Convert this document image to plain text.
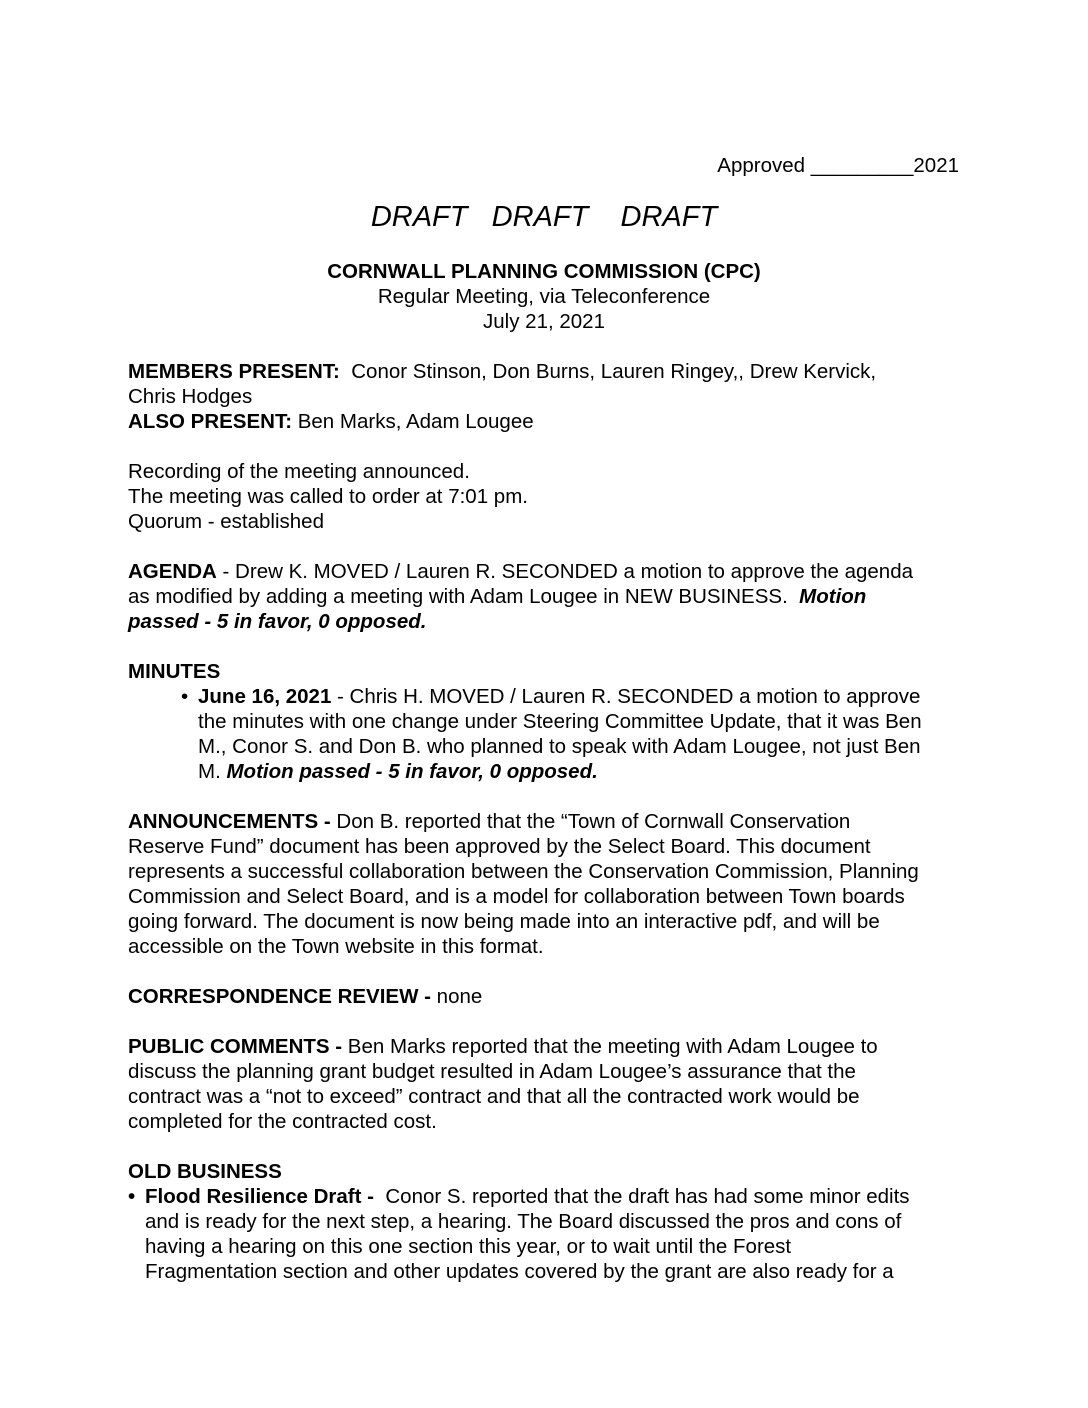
Approved _________2021
DRAFT   DRAFT    DRAFT
CORNWALL PLANNING COMMISSION (CPC)
Regular Meeting, via Teleconference
July 21, 2021

MEMBERS PRESENT:  Conor Stinson, Don Burns, Lauren Ringey,, Drew Kervick,
Chris Hodges
ALSO PRESENT: Ben Marks, Adam Lougee

Recording of the meeting announced.
The meeting was called to order at 7:01 pm.
Quorum - established

AGENDA - Drew K. MOVED / Lauren R. SECONDED a motion to approve the agenda
as modified by adding a meeting with Adam Lougee in NEW BUSINESS.  Motion
passed - 5 in favor, 0 opposed.

MINUTES
• June 16, 2021 - Chris H. MOVED / Lauren R. SECONDED a motion to approve
the minutes with one change under Steering Committee Update, that it was Ben
M., Conor S. and Don B. who planned to speak with Adam Lougee, not just Ben
M. Motion passed - 5 in favor, 0 opposed.

ANNOUNCEMENTS - Don B. reported that the “Town of Cornwall Conservation
Reserve Fund” document has been approved by the Select Board. This document
represents a successful collaboration between the Conservation Commission, Planning
Commission and Select Board, and is a model for collaboration between Town boards
going forward. The document is now being made into an interactive pdf, and will be
accessible on the Town website in this format.

CORRESPONDENCE REVIEW - none

PUBLIC COMMENTS - Ben Marks reported that the meeting with Adam Lougee to
discuss the planning grant budget resulted in Adam Lougee’s assurance that the
contract was a “not to exceed” contract and that all the contracted work would be
completed for the contracted cost.

OLD BUSINESS
• Flood Resilience Draft -  Conor S. reported that the draft has had some minor edits
and is ready for the next step, a hearing. The Board discussed the pros and cons of
having a hearing on this one section this year, or to wait until the Forest
Fragmentation section and other updates covered by the grant are also ready for a
